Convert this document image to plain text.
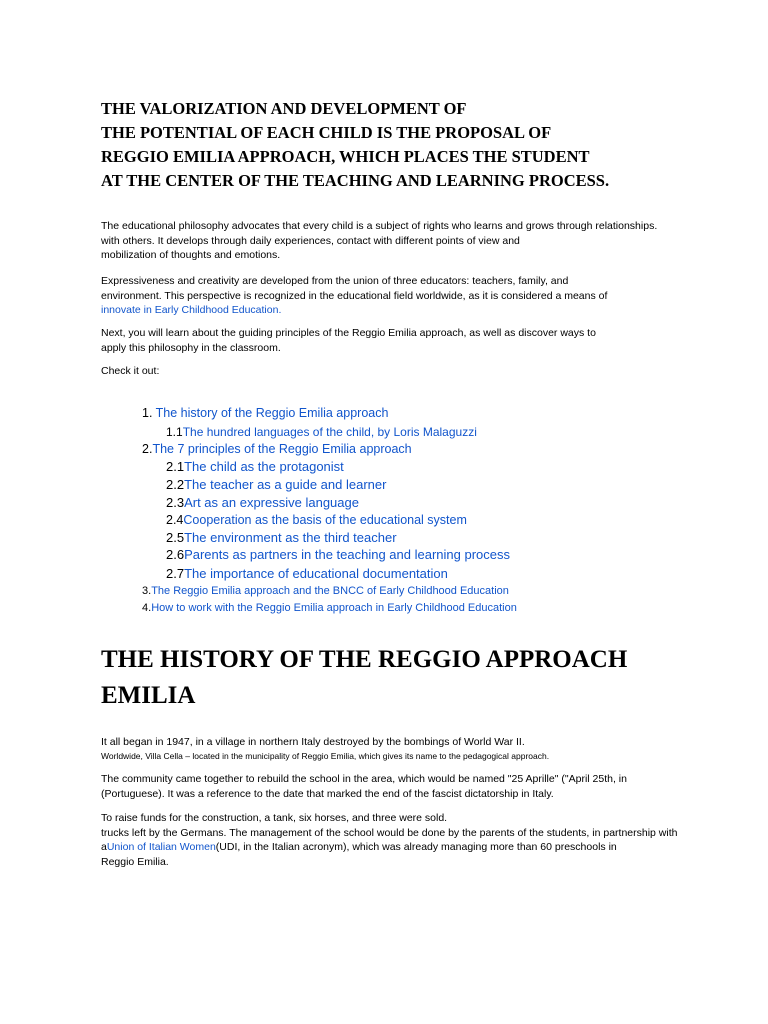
THE VALORIZATION AND DEVELOPMENT OF
THE POTENTIAL OF EACH CHILD IS THE PROPOSAL OF
REGGIO EMILIA APPROACH, WHICH PLACES THE STUDENT
AT THE CENTER OF THE TEACHING AND LEARNING PROCESS.
The educational philosophy advocates that every child is a subject of rights who learns and grows through relationships.
with others. It develops through daily experiences, contact with different points of view and
mobilization of thoughts and emotions.
Expressiveness and creativity are developed from the union of three educators: teachers, family, and
environment. This perspective is recognized in the educational field worldwide, as it is considered a means of
innovate in Early Childhood Education.
Next, you will learn about the guiding principles of the Reggio Emilia approach, as well as discover ways to
apply this philosophy in the classroom.
Check it out:
1. The history of the Reggio Emilia approach
1.1The hundred languages of the child, by Loris Malaguzzi
2.The 7 principles of the Reggio Emilia approach
2.1The child as the protagonist
2.2The teacher as a guide and learner
2.3Art as an expressive language
2.4Cooperation as the basis of the educational system
2.5The environment as the third teacher
2.6Parents as partners in the teaching and learning process
2.7The importance of educational documentation
3.The Reggio Emilia approach and the BNCC of Early Childhood Education
4.How to work with the Reggio Emilia approach in Early Childhood Education
THE HISTORY OF THE REGGIO APPROACH
EMILIA
It all began in 1947, in a village in northern Italy destroyed by the bombings of World War II.
Worldwide, Villa Cella – located in the municipality of Reggio Emilia, which gives its name to the pedagogical approach.
The community came together to rebuild the school in the area, which would be named "25 Aprille" ("April 25th, in
(Portuguese). It was a reference to the date that marked the end of the fascist dictatorship in Italy.
To raise funds for the construction, a tank, six horses, and three were sold.
trucks left by the Germans. The management of the school would be done by the parents of the students, in partnership with
aUnion of Italian Women(UDI, in the Italian acronym), which was already managing more than 60 preschools in
Reggio Emilia.
